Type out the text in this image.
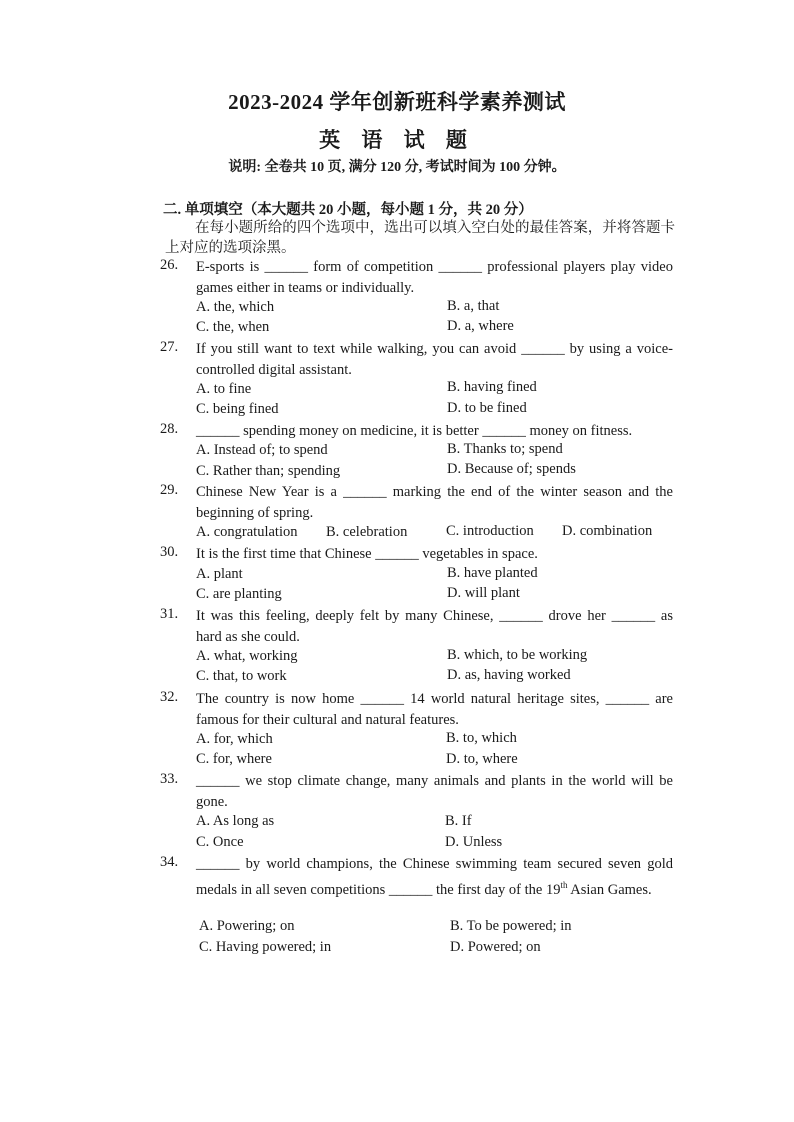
2023-2024 学年创新班科学素养测试
英 语 试 题
说明: 全卷共 10 页, 满分 120 分, 考试时间为 100 分钟。
二. 单项填空（本大题共 20 小题，每小题 1 分，共 20 分）
在每小题所给的四个选项中，选出可以填入空白处的最佳答案，并将答题卡上对应的选项涂黑。
26.	E-sports is ______ form of competition ______ professional players play video games either in teams or individually.
A. the, which	B. a, that
C. the, when	D. a, where
27.	If you still want to text while walking, you can avoid ______ by using a voice-controlled digital assistant.
A. to fine	B. having fined
C. being fined	D. to be fined
28.	______ spending money on medicine, it is better ______ money on fitness.
A. Instead of; to spend	B. Thanks to; spend
C. Rather than; spending	D. Because of; spends
29.	Chinese New Year is a ______ marking the end of the winter season and the beginning of spring.
A. congratulation B. celebration	C. introduction D. combination
30.	It is the first time that Chinese ______ vegetables in space.
A. plant	B. have planted
C. are planting	D. will plant
31.	It was this feeling, deeply felt by many Chinese, ______ drove her ______ as hard as she could.
A. what, working	B. which, to be working
C. that, to work	D. as, having worked
32.	The country is now home ______ 14 world natural heritage sites, ______ are famous for their cultural and natural features.
A. for, which	B. to, which
C. for, where	D. to, where
33.	______ we stop climate change, many animals and plants in the world will be gone.
A. As long as	B. If
C. Once	D. Unless
34.	______ by world champions, the Chinese swimming team secured seven gold medals in all seven competitions ______ the first day of the 19th Asian Games.
A. Powering; on	B. To be powered; in
C. Having powered; in	D. Powered; on
